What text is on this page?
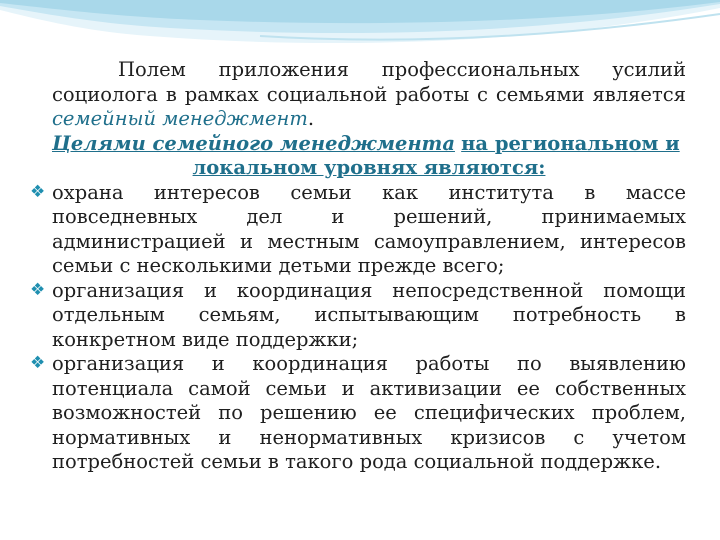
Полем приложения профессиональных усилий социолога в рамках социальной работы с семьями является семейный менеджмент.

Целями семейного менеджмента на региональном и
локальном уровнях являются:
❖ охрана интересов семьи как института в массе повседневных дел и решений, принимаемых администрацией и местным самоуправлением, интересов семьи с несколькими детьми прежде всего;
❖ организация и координация непосредственной помощи отдельным семьям, испытывающим потребность в конкретном виде поддержки;
❖ организация и координация работы по выявлению потенциала самой семьи и активизации ее собственных возможностей по решению ее специфических проблем, нормативных и ненормативных кризисов с учетом потребностей семьи в такого рода социальной поддержке.
